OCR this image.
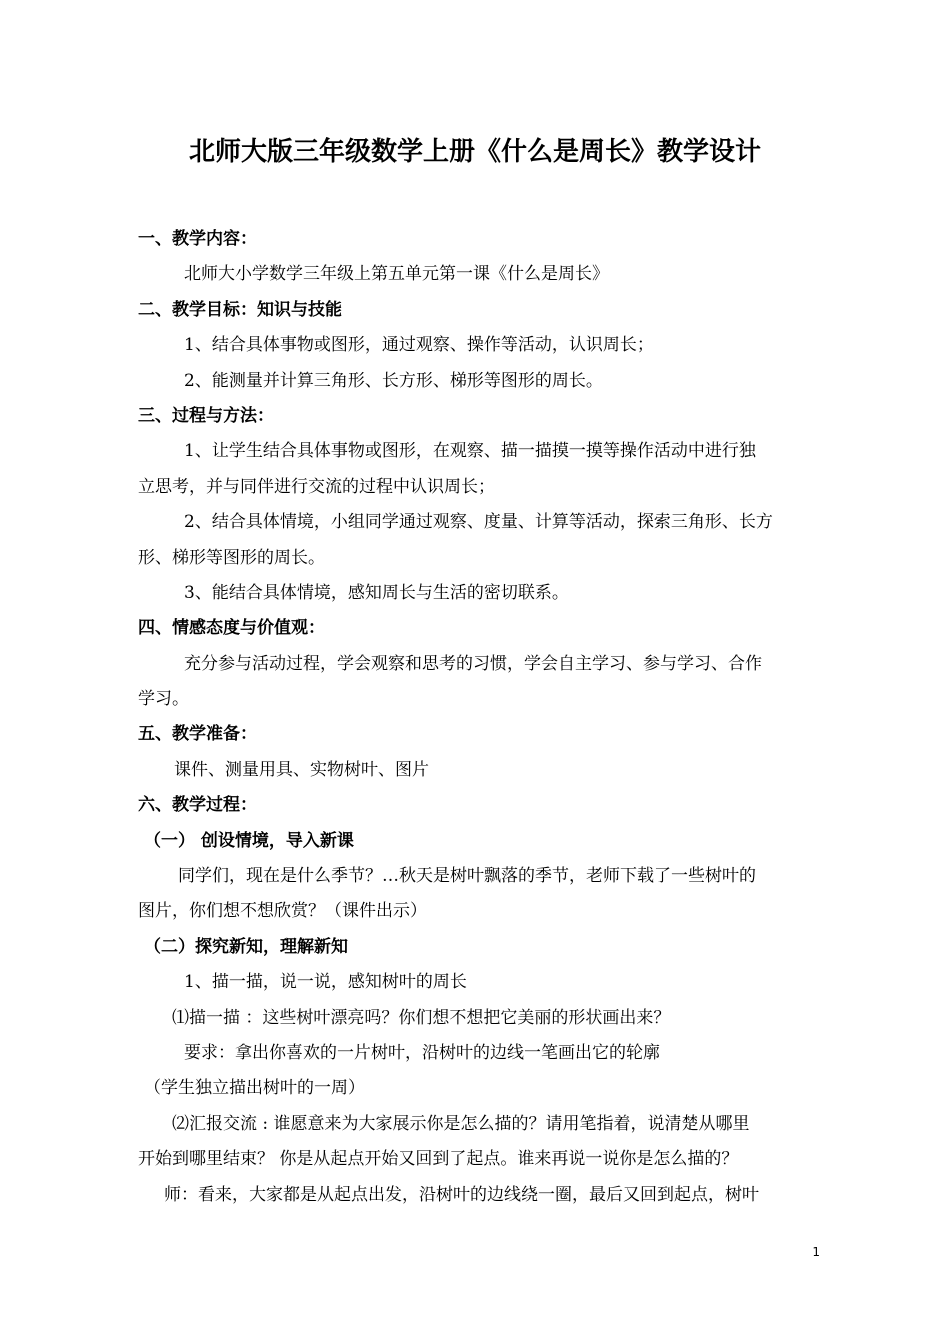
北师大版三年级数学上册《什么是周长》教学设计
一、教学内容：
北师大小学数学三年级上第五单元第一课《什么是周长》
二、教学目标：知识与技能
1、结合具体事物或图形，通过观察、操作等活动，认识周长；
2、能测量并计算三角形、长方形、梯形等图形的周长。
三、过程与方法：
1、让学生结合具体事物或图形，在观察、描一描摸一摸等操作活动中进行独
立思考，并与同伴进行交流的过程中认识周长；
2、结合具体情境，小组同学通过观察、度量、计算等活动，探索三角形、长方
形、梯形等图形的周长。
3、能结合具体情境，感知周长与生活的密切联系。
四、情感态度与价值观：
充分参与活动过程，学会观察和思考的习惯，学会自主学习、参与学习、合作
学习。
五、教学准备：
课件、测量用具、实物树叶、图片
六、教学过程：
（一） 创设情境，导入新课
同学们，现在是什么季节？…秋天是树叶飘落的季节，老师下载了一些树叶的
图片，你们想不想欣赏？（课件出示）
（二）探究新知，理解新知
1、描一描，说一说，感知树叶的周长
⑴描一描 ：这些树叶漂亮吗？你们想不想把它美丽的形状画出来？
要求：拿出你喜欢的一片树叶，沿树叶的边线一笔画出它的轮廓
（学生独立描出树叶的一周）
⑵汇报交流 : 谁愿意来为大家展示你是怎么描的？请用笔指着，说清楚从哪里
开始到哪里结束？ 你是从起点开始又回到了起点。谁来再说一说你是怎么描的？
师：看来，大家都是从起点出发，沿树叶的边线绕一圈，最后又回到起点，树叶
1
